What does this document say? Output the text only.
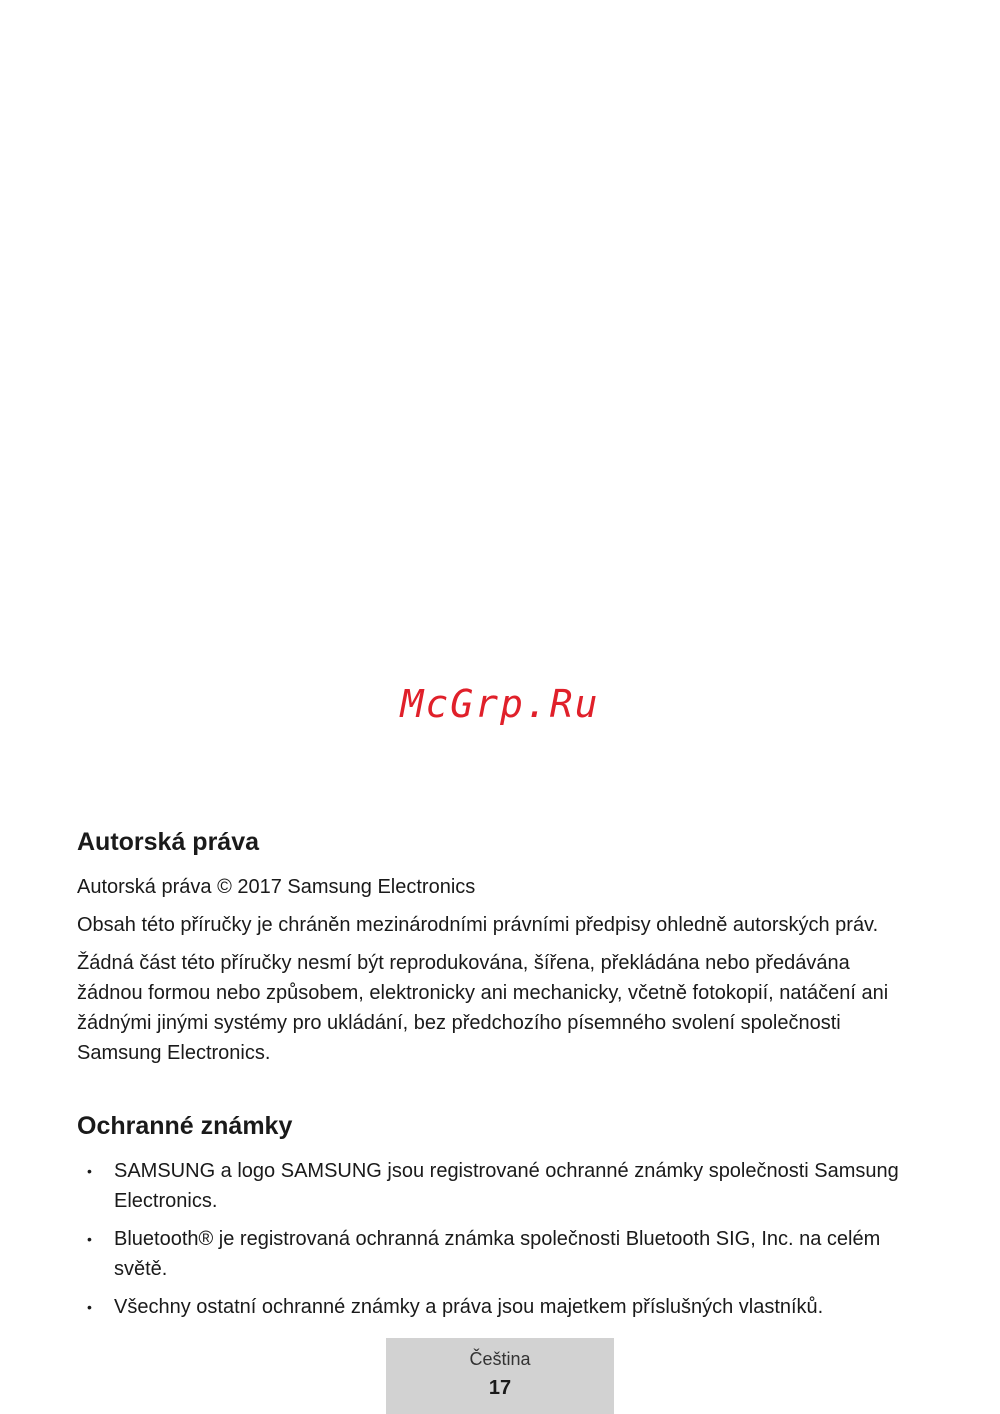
McGrp.Ru
Autorská práva

Autorská práva © 2017 Samsung Electronics

Obsah této příručky je chráněn mezinárodními právními předpisy ohledně autorských práv.

Žádná část této příručky nesmí být reprodukována, šířena, překládána nebo předávána žádnou formou nebo způsobem, elektronicky ani mechanicky, včetně fotokopií, natáčení ani žádnými jinými systémy pro ukládání, bez předchozího písemného svolení společnosti Samsung Electronics.

Ochranné známky
• SAMSUNG a logo SAMSUNG jsou registrované ochranné známky společnosti Samsung Electronics.
• Bluetooth® je registrovaná ochranná známka společnosti Bluetooth SIG, Inc. na celém světě.
• Všechny ostatní ochranné známky a práva jsou majetkem příslušných vlastníků.
Čeština
17
